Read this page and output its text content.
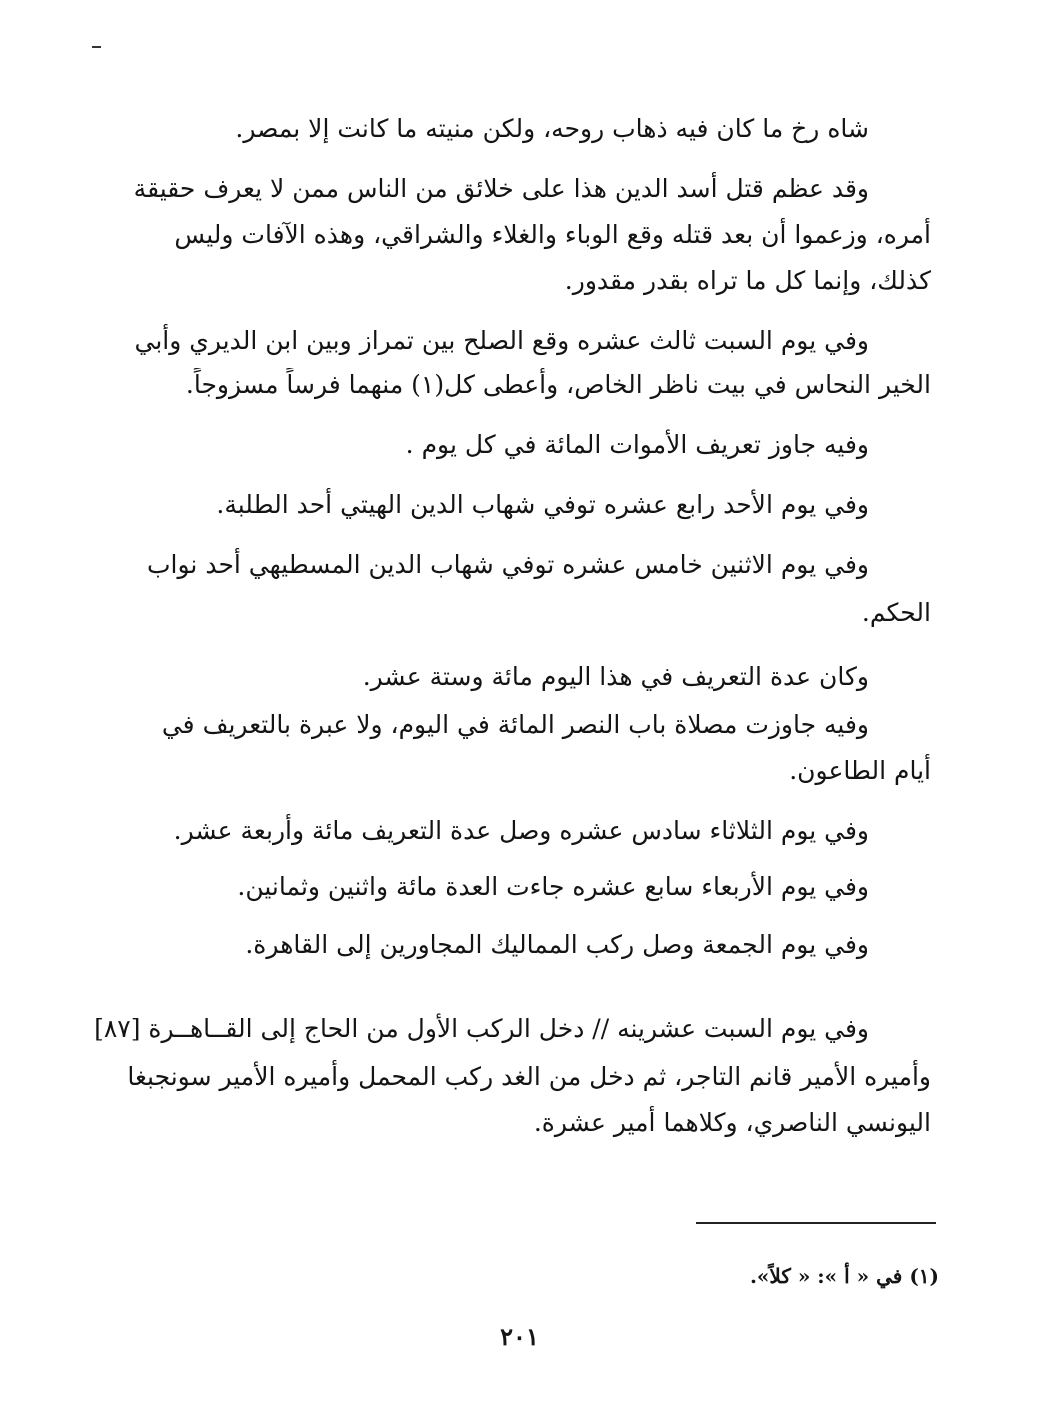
شاه رخ ما كان فيه ذهاب روحه، ولكن منيته ما كانت إلا بمصر.
وقد عظم قتل أسد الدين هذا على خلائق من الناس ممن لا يعرف حقيقة
أمره، وزعموا أن بعد قتله وقع الوباء والغلاء والشراقي، وهذه الآفات وليس
كذلك، وإنما كل ما تراه بقدر مقدور.
وفي يوم السبت ثالث عشره وقع الصلح بين تمراز وبين ابن الديري وأبي
الخير النحاس في بيت ناظر الخاص، وأعطى كل(١) منهما فرساً مسزوجاً.
وفيه جاوز تعريف الأموات المائة في كل يوم .
وفي يوم الأحد رابع عشره توفي شهاب الدين الهيتي أحد الطلبة.
وفي يوم الاثنين خامس عشره توفي شهاب الدين المسطيهي أحد نواب
الحكم.
وكان عدة التعريف في هذا اليوم مائة وستة عشر.
وفيه جاوزت مصلاة باب النصر المائة في اليوم، ولا عبرة بالتعريف في
أيام الطاعون.
وفي يوم الثلاثاء سادس عشره وصل عدة التعريف مائة وأربعة عشر.
وفي يوم الأربعاء سابع عشره جاءت العدة مائة واثنين وثمانين.
وفي يوم الجمعة وصل ركب المماليك المجاورين إلى القاهرة.
وفي يوم السبت عشرينه // دخل الركب الأول من الحاج إلى القــاهــرة [٨٧]
وأميره الأمير قانم التاجر، ثم دخل من الغد ركب المحمل وأميره الأمير سونجبغا
اليونسي الناصري، وكلاهما أمير عشرة.
(١) في « أ »: « كلاً».
٢٠١
